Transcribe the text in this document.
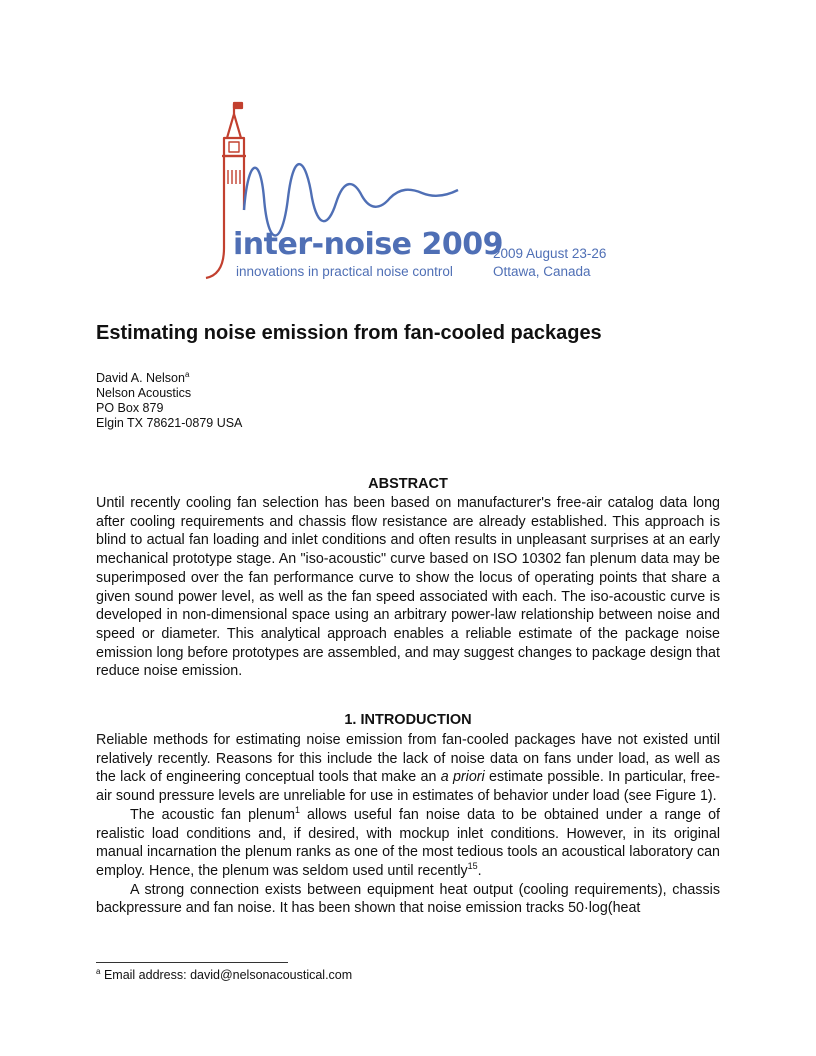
inter-noise 2009
innovations in practical noise control
2009 August 23-26
Ottawa, Canada
Estimating noise emission from fan-cooled packages
David A. Nelson$^a$
Nelson Acoustics
PO Box 879
Elgin TX 78621-0879 USA
ABSTRACT

Until recently cooling fan selection has been based on manufacturer's free-air catalog data long after cooling requirements and chassis flow resistance are already established. This approach is blind to actual fan loading and inlet conditions and often results in unpleasant surprises at an early mechanical prototype stage. An "iso-acoustic" curve based on ISO 10302 fan plenum data may be superimposed over the fan performance curve to show the locus of operating points that share a given sound power level, as well as the fan speed associated with each. The iso-acoustic curve is developed in non-dimensional space using an arbitrary power-law relationship between noise and speed or diameter. This analytical approach enables a reliable estimate of the package noise emission long before prototypes are assembled, and may suggest changes to package design that reduce noise emission.

1. INTRODUCTION

Reliable methods for estimating noise emission from fan-cooled packages have not existed until relatively recently. Reasons for this include the lack of noise data on fans under load, as well as the lack of engineering conceptual tools that make an a priori estimate possible. In particular, free-air sound pressure levels are unreliable for use in estimates of behavior under load (see Figure 1).

The acoustic fan plenum$^1$ allows useful fan noise data to be obtained under a range of realistic load conditions and, if desired, with mockup inlet conditions. However, in its original manual incarnation the plenum ranks as one of the most tedious tools an acoustical laboratory can employ. Hence, the plenum was seldom used until recently$^{15}$.

A strong connection exists between equipment heat output (cooling requirements), chassis backpressure and fan noise. It has been shown that noise emission tracks 50·log(heat

$^a$ Email address: david@nelsonacoustical.com
